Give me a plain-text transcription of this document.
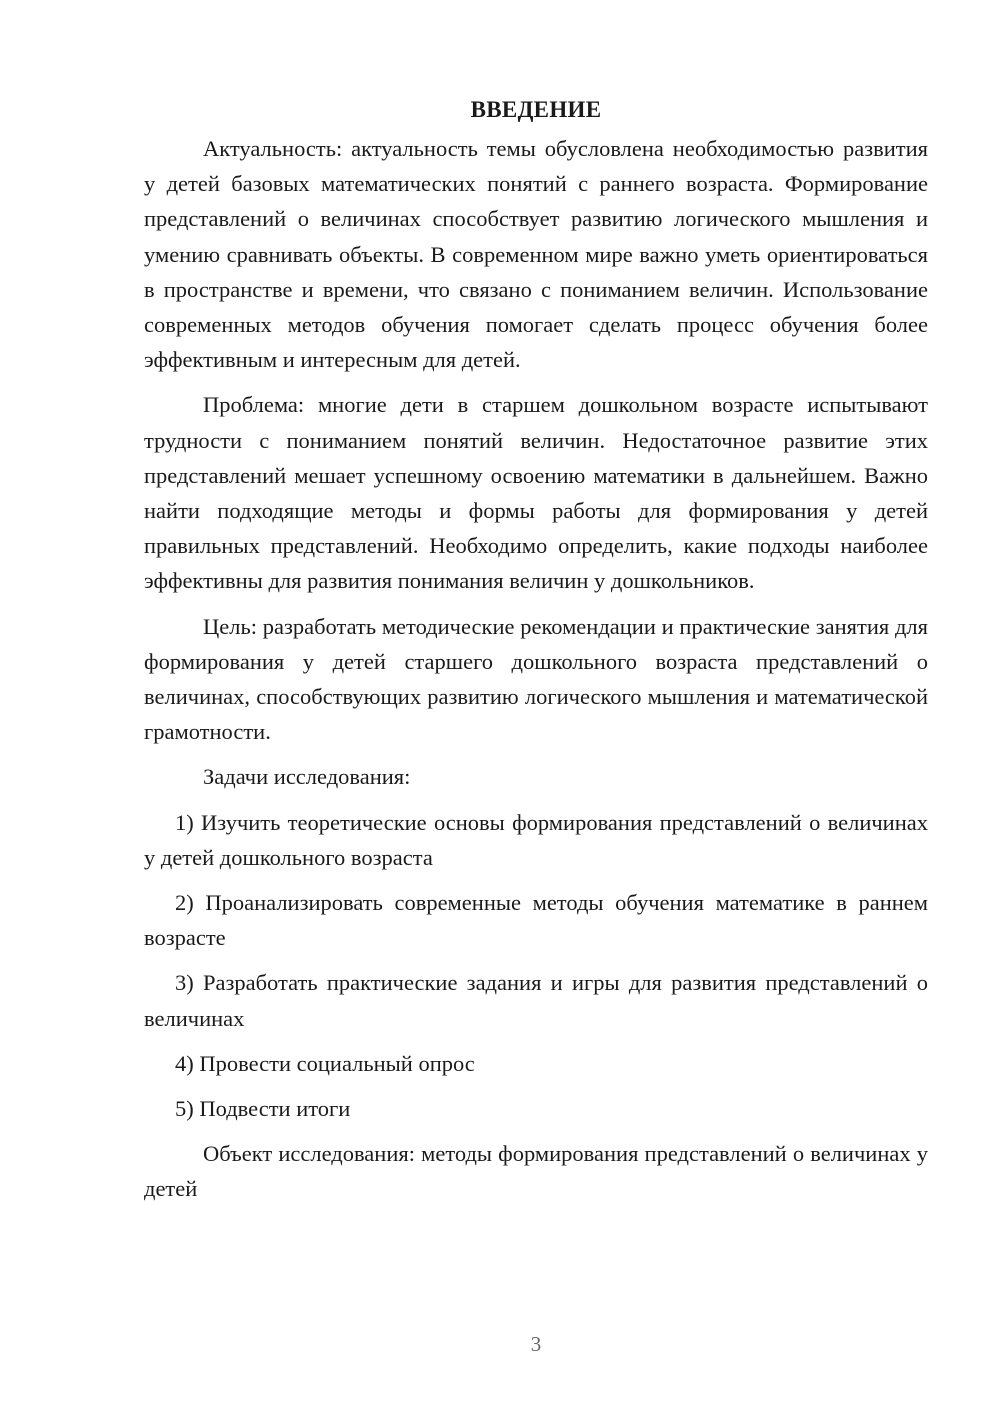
ВВЕДЕНИЕ

Актуальность: актуальность темы обусловлена необходимостью развития у детей базовых математических понятий с раннего возраста. Формирование представлений о величинах способствует развитию логического мышления и умению сравнивать объекты. В современном мире важно уметь ориентироваться в пространстве и времени, что связано с пониманием величин. Использование современных методов обучения помогает сделать процесс обучения более эффективным и интересным для детей.

Проблема: многие дети в старшем дошкольном возрасте испытывают трудности с пониманием понятий величин. Недостаточное развитие этих представлений мешает успешному освоению математики в дальнейшем. Важно найти подходящие методы и формы работы для формирования у детей правильных представлений. Необходимо определить, какие подходы наиболее эффективны для развития понимания величин у дошкольников.

Цель: разработать методические рекомендации и практические занятия для формирования у детей старшего дошкольного возраста представлений о величинах, способствующих развитию логического мышления и математической грамотности.

Задачи исследования:

1) Изучить теоретические основы формирования представлений о величинах у детей дошкольного возраста

2) Проанализировать современные методы обучения математике в раннем возрасте

3) Разработать практические задания и игры для развития представлений о величинах

4) Провести социальный опрос

5) Подвести итоги

Объект исследования: методы формирования представлений о величинах у детей

3
